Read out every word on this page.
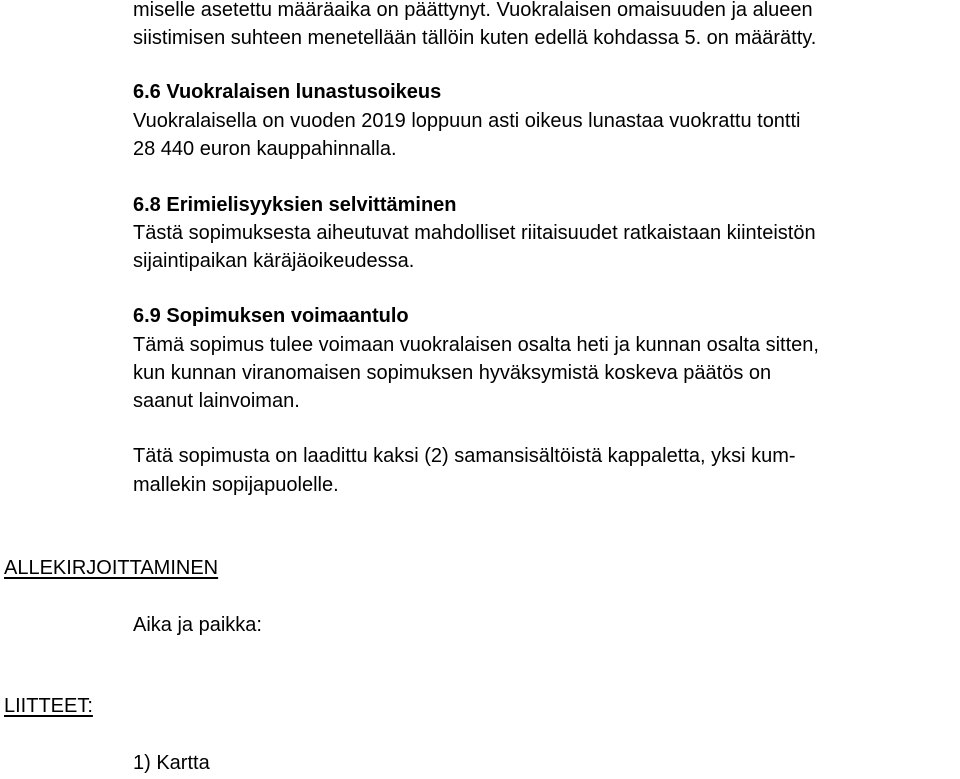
miselle asetettu määräaika on päättynyt. Vuokralaisen omaisuuden ja alueen

siistimisen suhteen menetellään tällöin kuten edellä kohdassa 5. on määrätty.

6.6 Vuokralaisen lunastusoikeus

Vuokralaisella on vuoden 2019 loppuun asti oikeus lunastaa vuokrattu tontti

28 440 euron kauppahinnalla.

6.8 Erimielisyyksien selvittäminen

Tästä sopimuksesta aiheutuvat mahdolliset riitaisuudet ratkaistaan kiinteistön

sijaintipaikan käräjäoikeudessa.

6.9 Sopimuksen voimaantulo

Tämä sopimus tulee voimaan vuokralaisen osalta heti ja kunnan osalta sitten,

kun kunnan viranomaisen sopimuksen hyväksymistä koskeva päätös on

saanut lainvoiman.

Tätä sopimusta on laadittu kaksi (2) samansisältöistä kappaletta, yksi kum-

mallekin sopijapuolelle.

ALLEKIRJOITTAMINEN

Aika ja paikka:

LIITTEET:

1) Kartta
